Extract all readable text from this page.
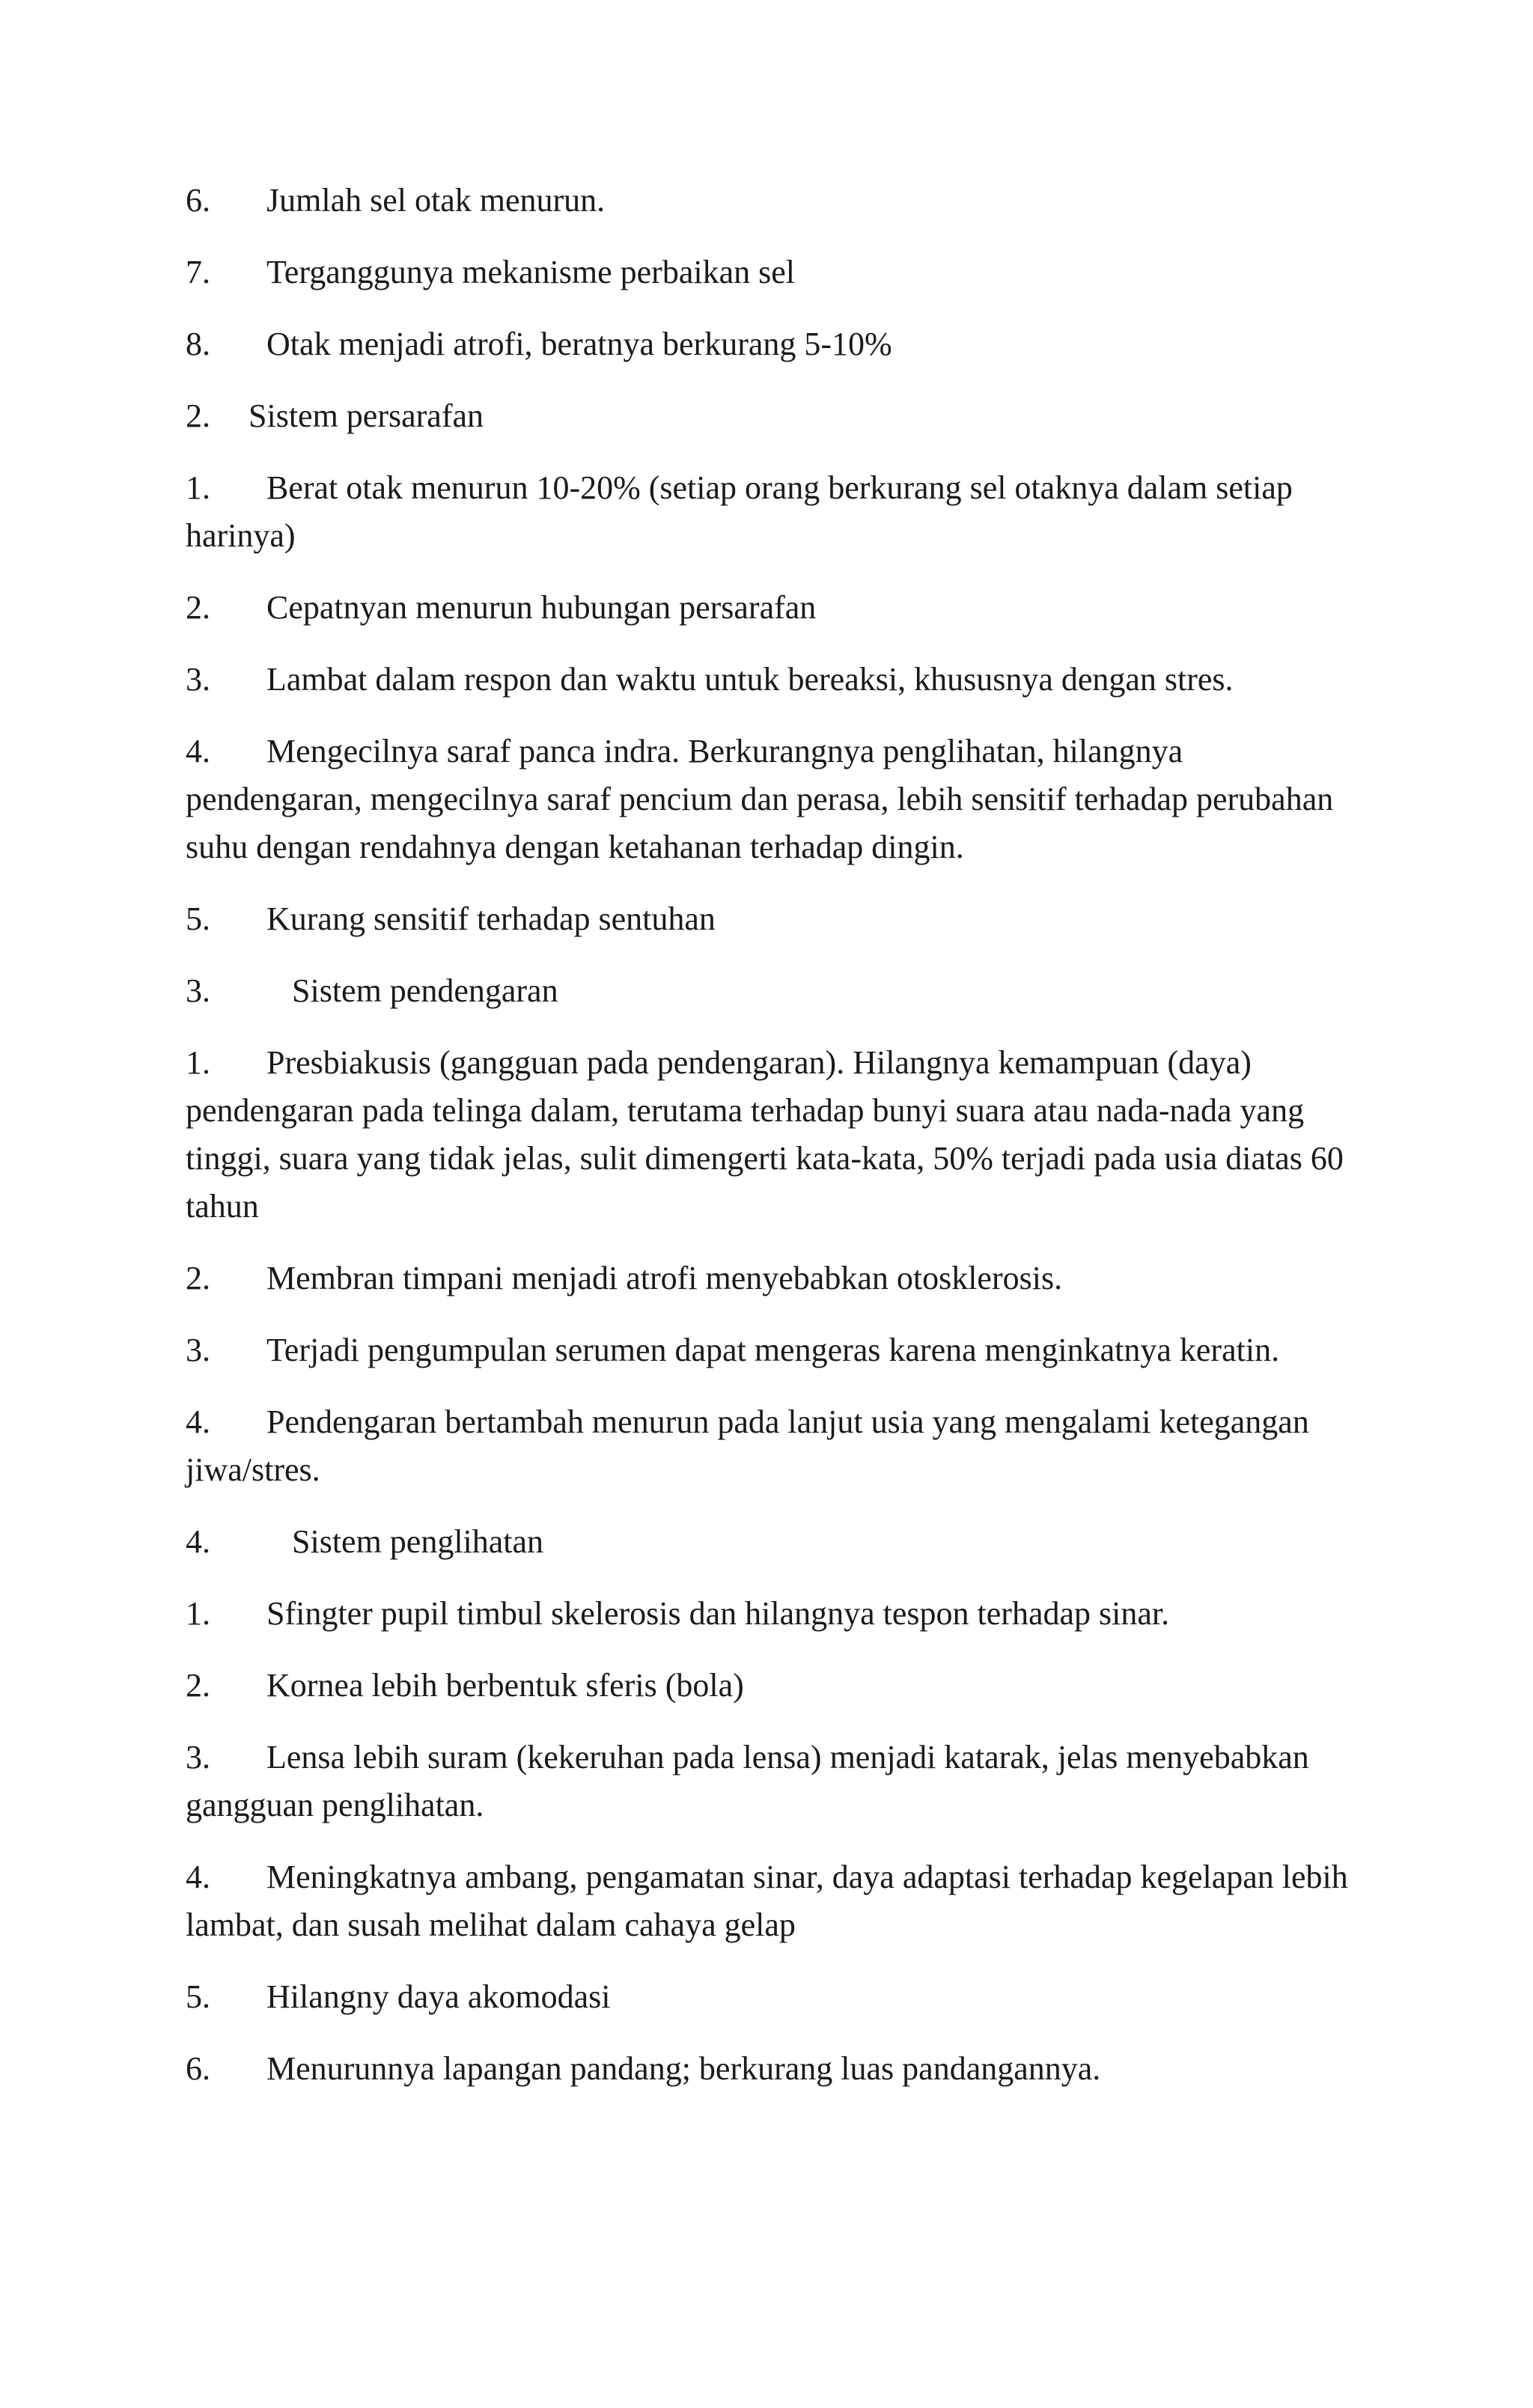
6. Jumlah sel otak menurun.

7. Terganggunya mekanisme perbaikan sel

8. Otak menjadi atrofi, beratnya berkurang 5-10%

2. Sistem persarafan

1. Berat otak menurun 10-20% (setiap orang berkurang sel otaknya dalam setiap harinya)

2. Cepatnyan menurun hubungan persarafan

3. Lambat dalam respon dan waktu untuk bereaksi, khususnya dengan stres.

4. Mengecilnya saraf panca indra. Berkurangnya penglihatan, hilangnya pendengaran, mengecilnya saraf pencium dan perasa, lebih sensitif terhadap perubahan suhu dengan rendahnya dengan ketahanan terhadap dingin.

5. Kurang sensitif terhadap sentuhan

3. Sistem pendengaran

1. Presbiakusis (gangguan pada pendengaran). Hilangnya kemampuan (daya) pendengaran pada telinga dalam, terutama terhadap bunyi suara atau nada-nada yang tinggi, suara yang tidak jelas, sulit dimengerti kata-kata, 50% terjadi pada usia diatas 60 tahun

2. Membran timpani menjadi atrofi menyebabkan otosklerosis.

3. Terjadi pengumpulan serumen dapat mengeras karena menginkatnya keratin.

4. Pendengaran bertambah menurun pada lanjut usia yang mengalami ketegangan jiwa/stres.

4. Sistem penglihatan

1. Sfingter pupil timbul skelerosis dan hilangnya tespon terhadap sinar.

2. Kornea lebih berbentuk sferis (bola)

3. Lensa lebih suram (kekeruhan pada lensa) menjadi katarak, jelas menyebabkan gangguan penglihatan.

4. Meningkatnya ambang, pengamatan sinar, daya adaptasi terhadap kegelapan lebih lambat, dan susah melihat dalam cahaya gelap

5. Hilangny daya akomodasi

6. Menurunnya lapangan pandang; berkurang luas pandangannya.
